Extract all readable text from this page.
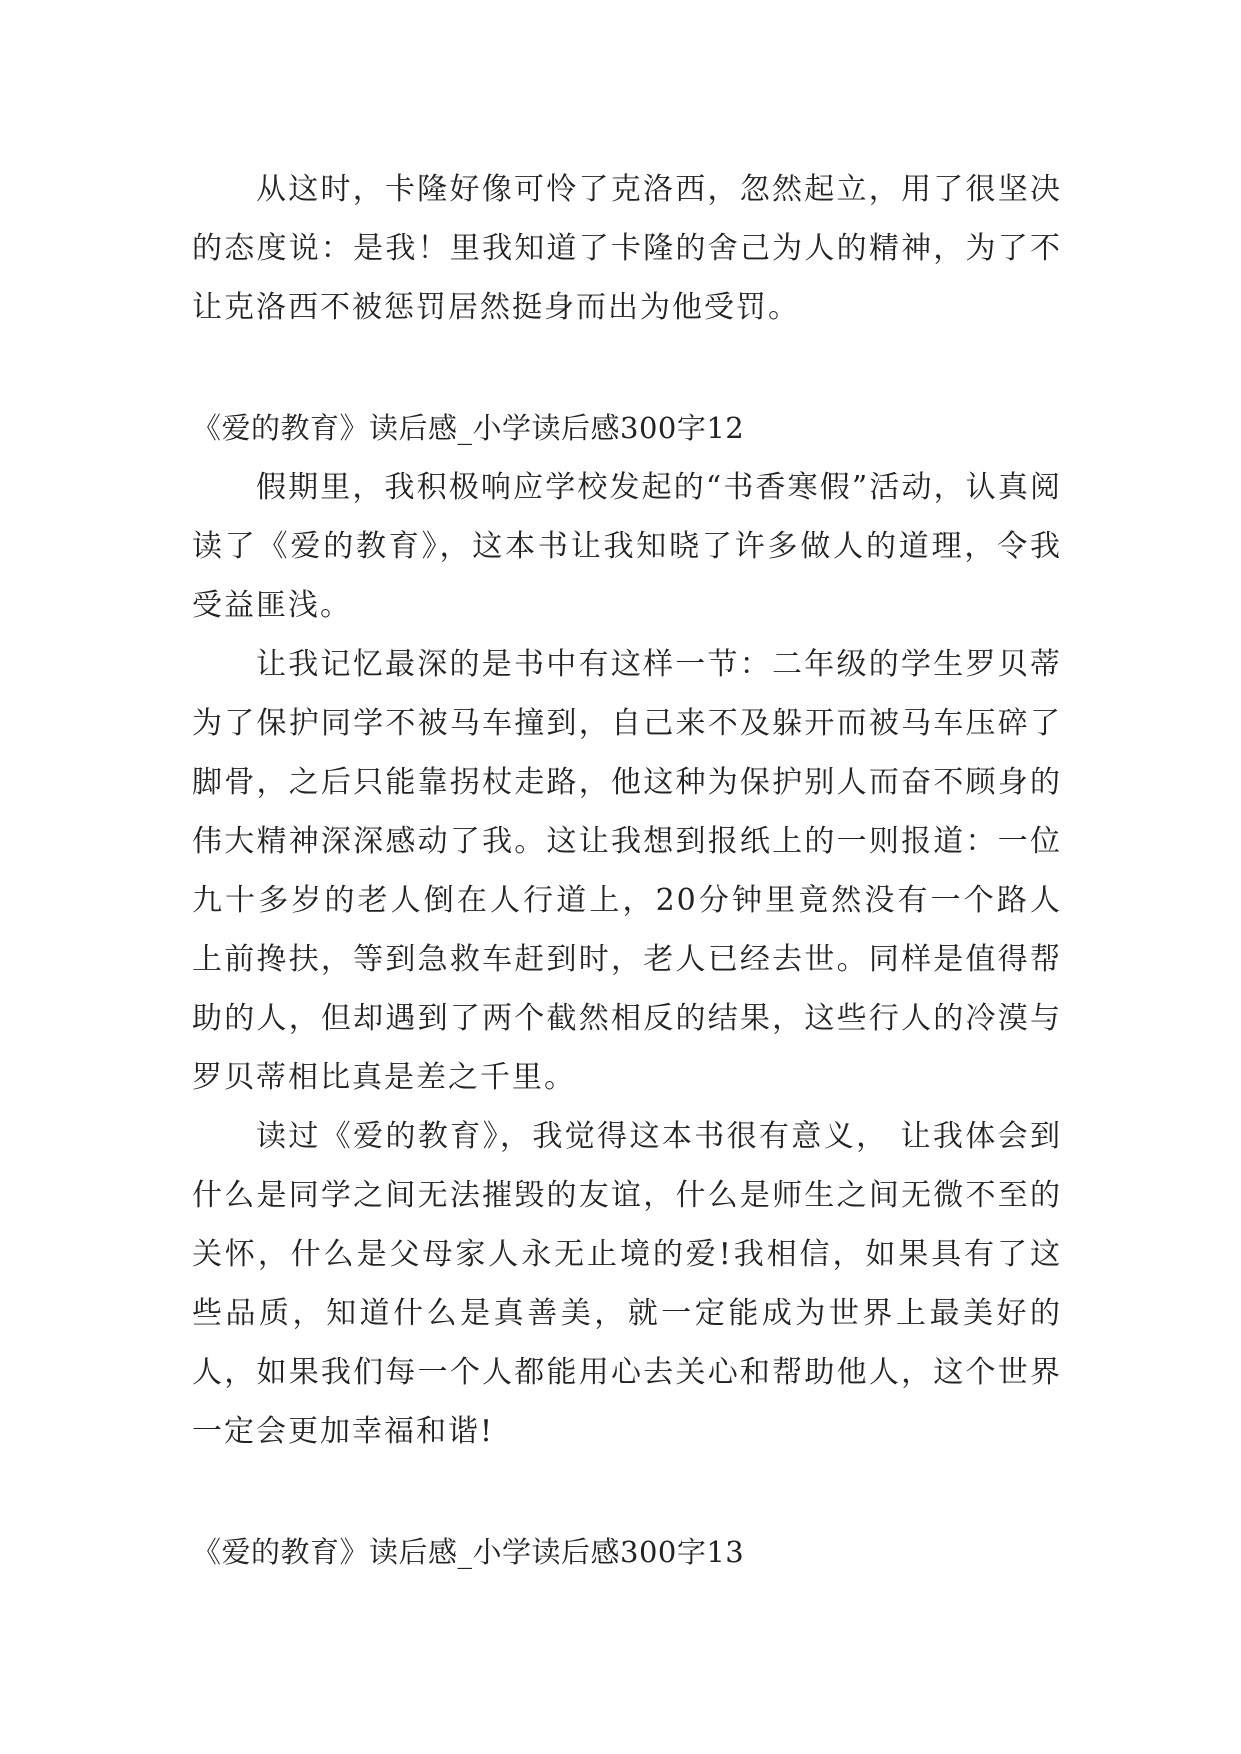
从这时，卡隆好像可怜了克洛西，忽然起立，用了很坚决的态度说：是我！里我知道了卡隆的舍己为人的精神，为了不让克洛西不被惩罚居然挺身而出为他受罚。

《爱的教育》读后感_小学读后感300字12

假期里，我积极响应学校发起的“书香寒假”活动，认真阅读了《爱的教育》，这本书让我知晓了许多做人的道理，令我受益匪浅。

让我记忆最深的是书中有这样一节：二年级的学生罗贝蒂为了保护同学不被马车撞到，自己来不及躲开而被马车压碎了脚骨，之后只能靠拐杖走路，他这种为保护别人而奋不顾身的伟大精神深深感动了我。这让我想到报纸上的一则报道：一位九十多岁的老人倒在人行道上，20分钟里竟然没有一个路人上前搀扶，等到急救车赶到时，老人已经去世。同样是值得帮助的人，但却遇到了两个截然相反的结果，这些行人的冷漠与罗贝蒂相比真是差之千里。

读过《爱的教育》，我觉得这本书很有意义， 让我体会到什么是同学之间无法摧毁的友谊，什么是师生之间无微不至的关怀，什么是父母家人永无止境的爱!我相信，如果具有了这些品质，知道什么是真善美，就一定能成为世界上最美好的人，如果我们每一个人都能用心去关心和帮助他人，这个世界一定会更加幸福和谐!

《爱的教育》读后感_小学读后感300字13
